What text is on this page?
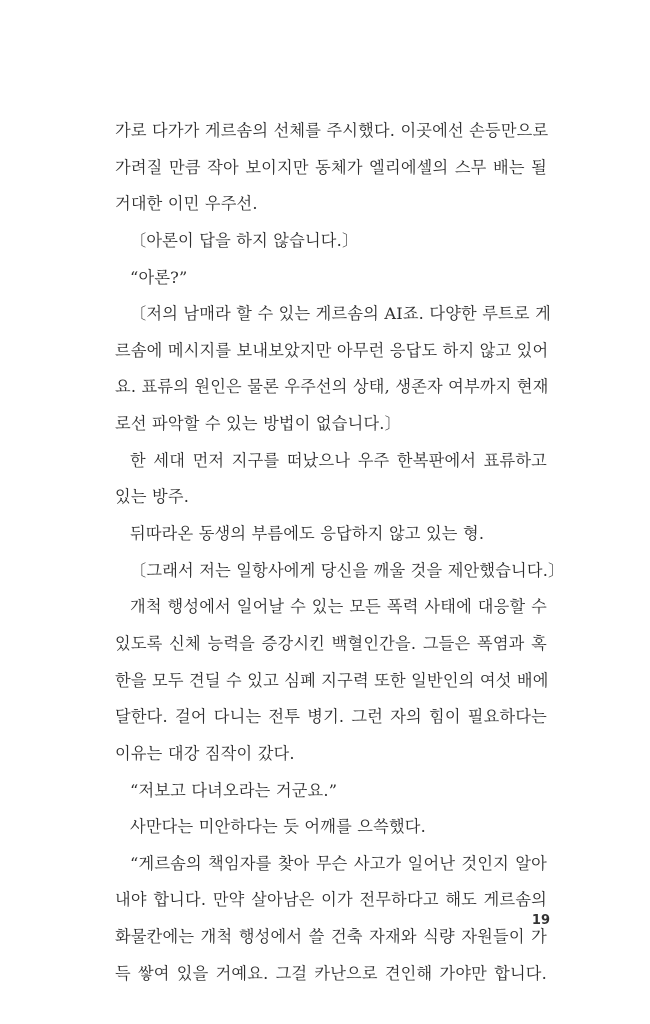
가로 다가가 게르솜의 선체를 주시했다. 이곳에선 손등만으로
가려질 만큼 작아 보이지만 동체가 엘리에셀의 스무 배는 될
거대한 이민 우주선.
〔아론이 답을 하지 않습니다.〕
“아론?”
〔저의 남매라 할 수 있는 게르솜의 AI죠. 다양한 루트로 게
르솜에 메시지를 보내보았지만 아무런 응답도 하지 않고 있어
요. 표류의 원인은 물론 우주선의 상태, 생존자 여부까지 현재
로선 파악할 수 있는 방법이 없습니다.〕
한 세대 먼저 지구를 떠났으나 우주 한복판에서 표류하고
있는 방주.
뒤따라온 동생의 부름에도 응답하지 않고 있는 형.
〔그래서 저는 일항사에게 당신을 깨울 것을 제안했습니다.〕
개척 행성에서 일어날 수 있는 모든 폭력 사태에 대응할 수
있도록 신체 능력을 증강시킨 백혈인간을. 그들은 폭염과 혹
한을 모두 견딜 수 있고 심폐 지구력 또한 일반인의 여섯 배에
달한다. 걸어 다니는 전투 병기. 그런 자의 힘이 필요하다는
이유는 대강 짐작이 갔다.
“저보고 다녀오라는 거군요.”
사만다는 미안하다는 듯 어깨를 으쓱했다.
“게르솜의 책임자를 찾아 무슨 사고가 일어난 것인지 알아
내야 합니다. 만약 살아남은 이가 전무하다고 해도 게르솜의
화물칸에는 개척 행성에서 쓸 건축 자재와 식량 자원들이 가
득 쌓여 있을 거예요. 그걸 카난으로 견인해 가야만 합니다.
19
